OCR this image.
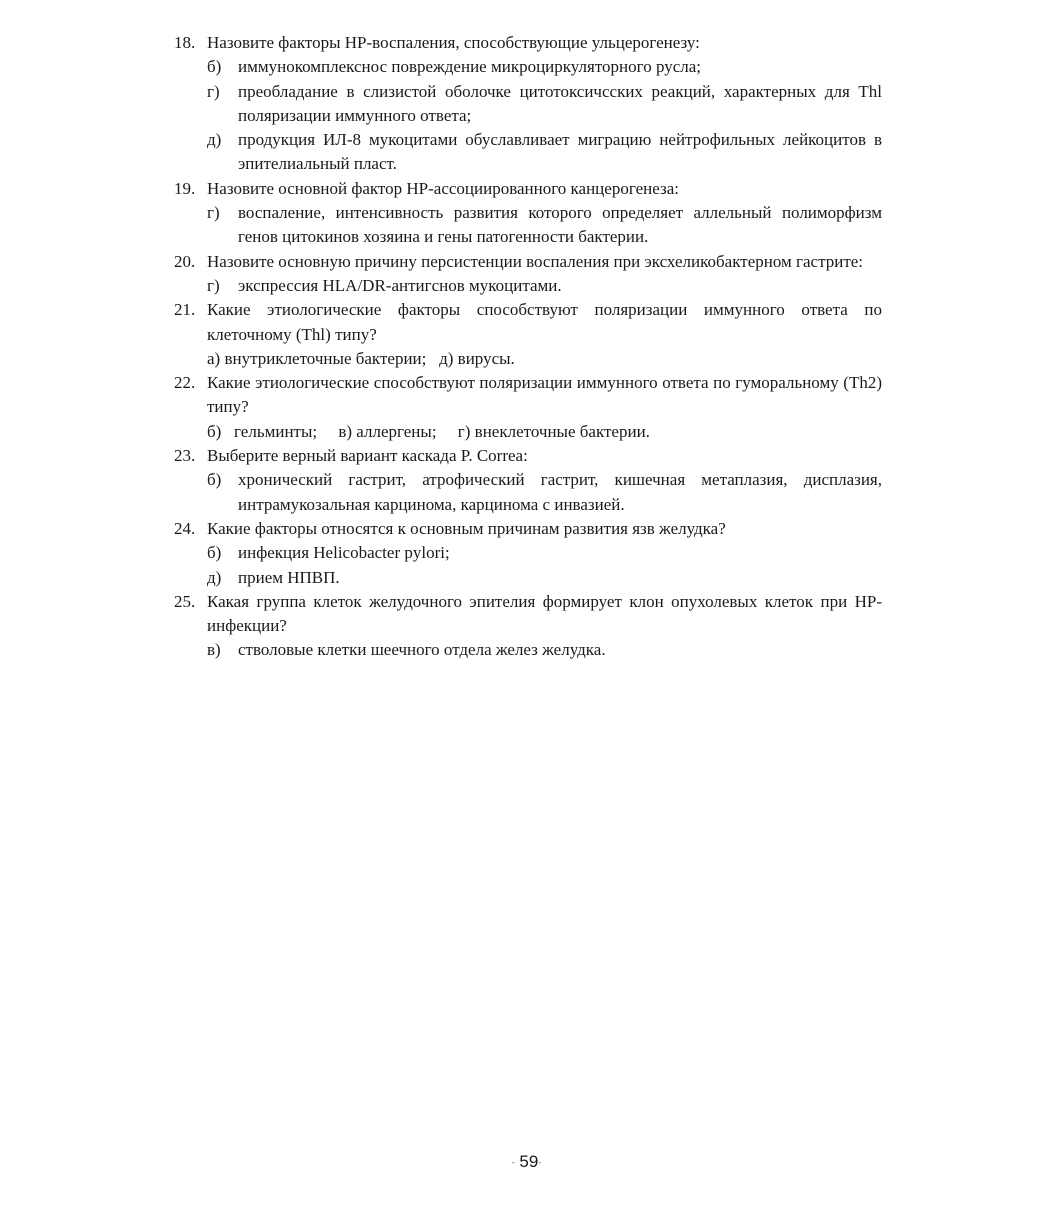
18. Назовите факторы НР-воспаления, способствующие ульцерогенезу:
б) иммунокомплекснос повреждение микроциркуляторного русла;
г)	преобладание в слизистой оболочке цитотоксичсских реакций, характерных для Thl поляризации иммунного ответа;
д) продукция ИЛ-8 мукоцитами обуславливает миграцию нейтрофильных лейкоцитов в эпителиальный пласт.
19. Назовите основной фактор НР-ассоциированного канцерогенеза:
г)	воспаление, интенсивность развития которого определяет аллельный полиморфизм генов цитокинов хозяина и гены патогенности бактерии.
20. Назовите основную причину персистенции воспаления при эксхеликобактерном гастрите:
г)	экспрессия HLA/DR-антигснов мукоцитами.
21. Какие этиологические факторы способствуют поляризации иммунного ответа по клеточному (Thl) типу?
а) внутриклеточные бактерии;   д) вирусы.
22. Какие этиологические способствуют поляризации иммунного ответа по гуморальному (Th2) типу?
б)   гельминты;     в) аллергены;     г) внеклеточные бактерии.
23. Выберите верный вариант каскада P. Correa:
б) хронический гастрит, атрофический гастрит, кишечная метаплазия, дисплазия, интрамукозальная карцинома, карцинома с инвазией.
24. Какие факторы относятся к основным причинам развития язв желудка?
б) инфекция Helicobacter pylori;
д) прием НПВП.
25. Какая группа клеток желудочного эпителия формирует клон опухолевых клеток при НР-инфекции?
в)	стволовые клетки шеечного отдела желез желудка.
- 59-
